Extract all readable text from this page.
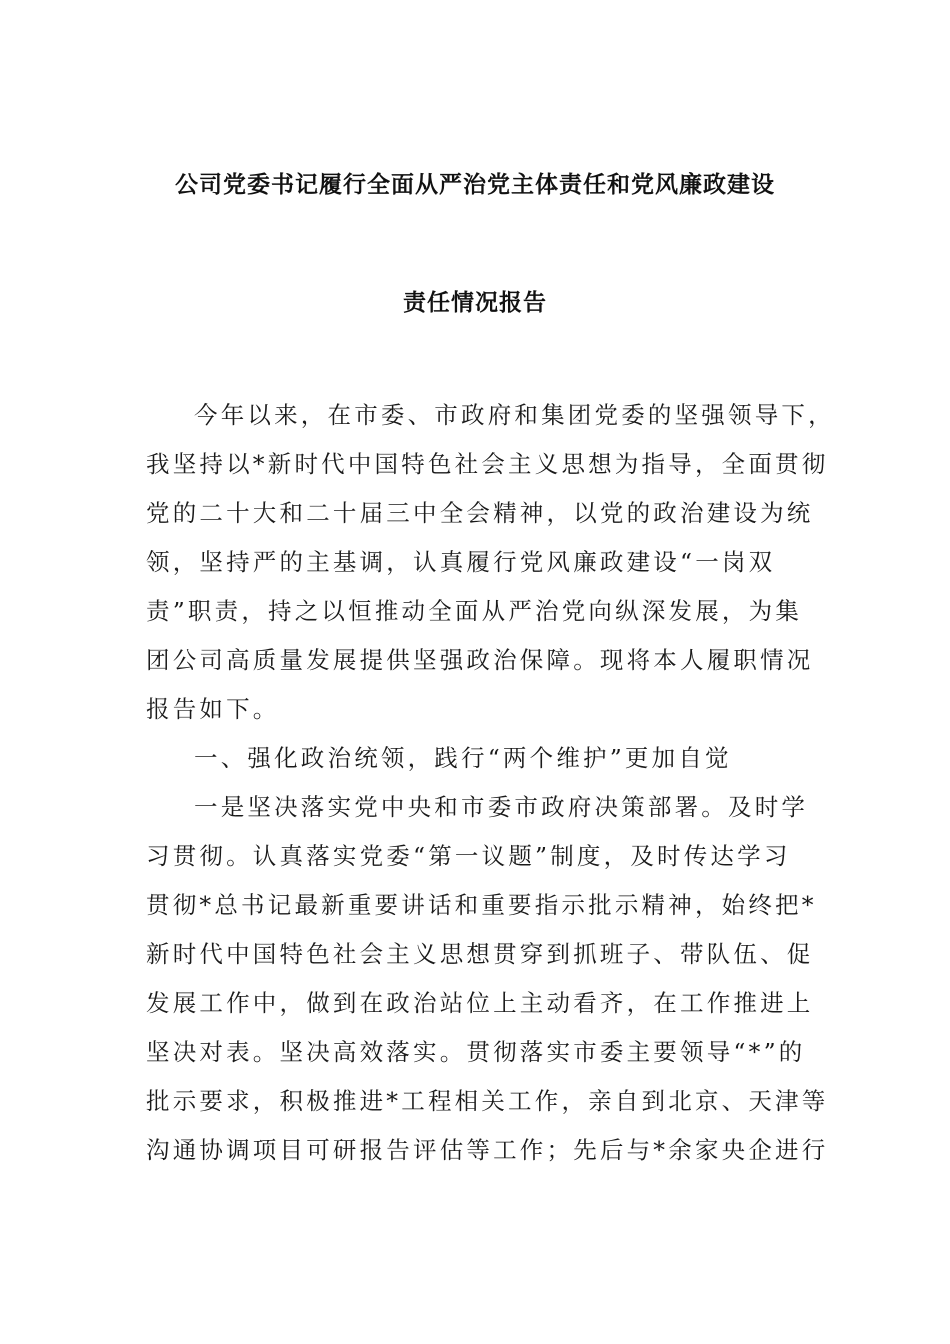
公司党委书记履行全面从严治党主体责任和党风廉政建设
责任情况报告
今年以来，在市委、市政府和集团党委的坚强领导下，
我坚持以*新时代中国特色社会主义思想为指导，全面贯彻
党的二十大和二十届三中全会精神，以党的政治建设为统
领，坚持严的主基调，认真履行党风廉政建设“一岗双
责”职责，持之以恒推动全面从严治党向纵深发展，为集
团公司高质量发展提供坚强政治保障。现将本人履职情况
报告如下。
一、强化政治统领，践行“两个维护”更加自觉
一是坚决落实党中央和市委市政府决策部署。及时学
习贯彻。认真落实党委“第一议题”制度，及时传达学习
贯彻*总书记最新重要讲话和重要指示批示精神，始终把*
新时代中国特色社会主义思想贯穿到抓班子、带队伍、促
发展工作中，做到在政治站位上主动看齐，在工作推进上
坚决对表。坚决高效落实。贯彻落实市委主要领导“*”的
批示要求，积极推进*工程相关工作，亲自到北京、天津等
沟通协调项目可研报告评估等工作；先后与*余家央企进行
